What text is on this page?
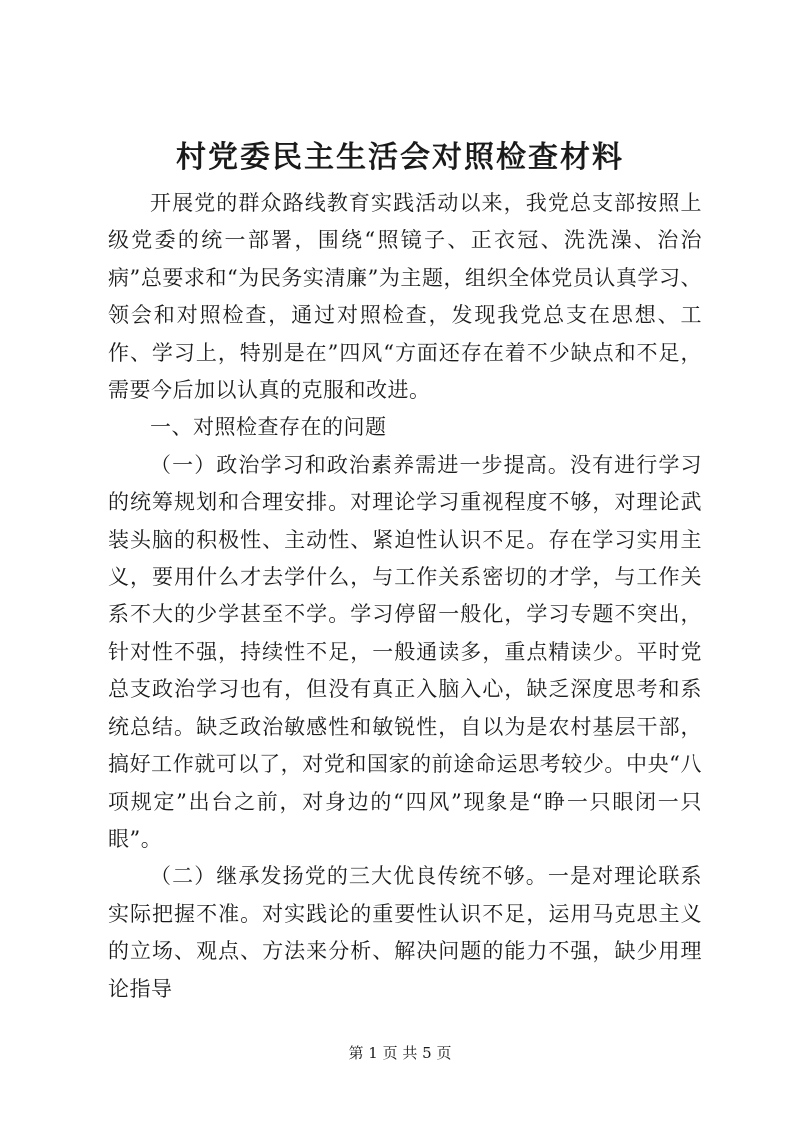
村党委民主生活会对照检查材料

开展党的群众路线教育实践活动以来，我党总支部按照上级党委的统一部署，围绕“照镜子、正衣冠、洗洗澡、治治病”总要求和“为民务实清廉”为主题，组织全体党员认真学习、领会和对照检查，通过对照检查，发现我党总支在思想、工作、学习上，特别是在”四风“方面还存在着不少缺点和不足，需要今后加以认真的克服和改进。

一、对照检查存在的问题

（一）政治学习和政治素养需进一步提高。没有进行学习的统筹规划和合理安排。对理论学习重视程度不够，对理论武装头脑的积极性、主动性、紧迫性认识不足。存在学习实用主义，要用什么才去学什么，与工作关系密切的才学，与工作关系不大的少学甚至不学。学习停留一般化，学习专题不突出，针对性不强，持续性不足，一般通读多，重点精读少。平时党总支政治学习也有，但没有真正入脑入心，缺乏深度思考和系统总结。缺乏政治敏感性和敏锐性，自以为是农村基层干部，搞好工作就可以了，对党和国家的前途命运思考较少。中央“八项规定”出台之前，对身边的“四风”现象是“睁一只眼闭一只眼”。

（二）继承发扬党的三大优良传统不够。一是对理论联系实际把握不准。对实践论的重要性认识不足，运用马克思主义的立场、观点、方法来分析、解决问题的能力不强，缺少用理论指导

第 1 页 共 5 页
